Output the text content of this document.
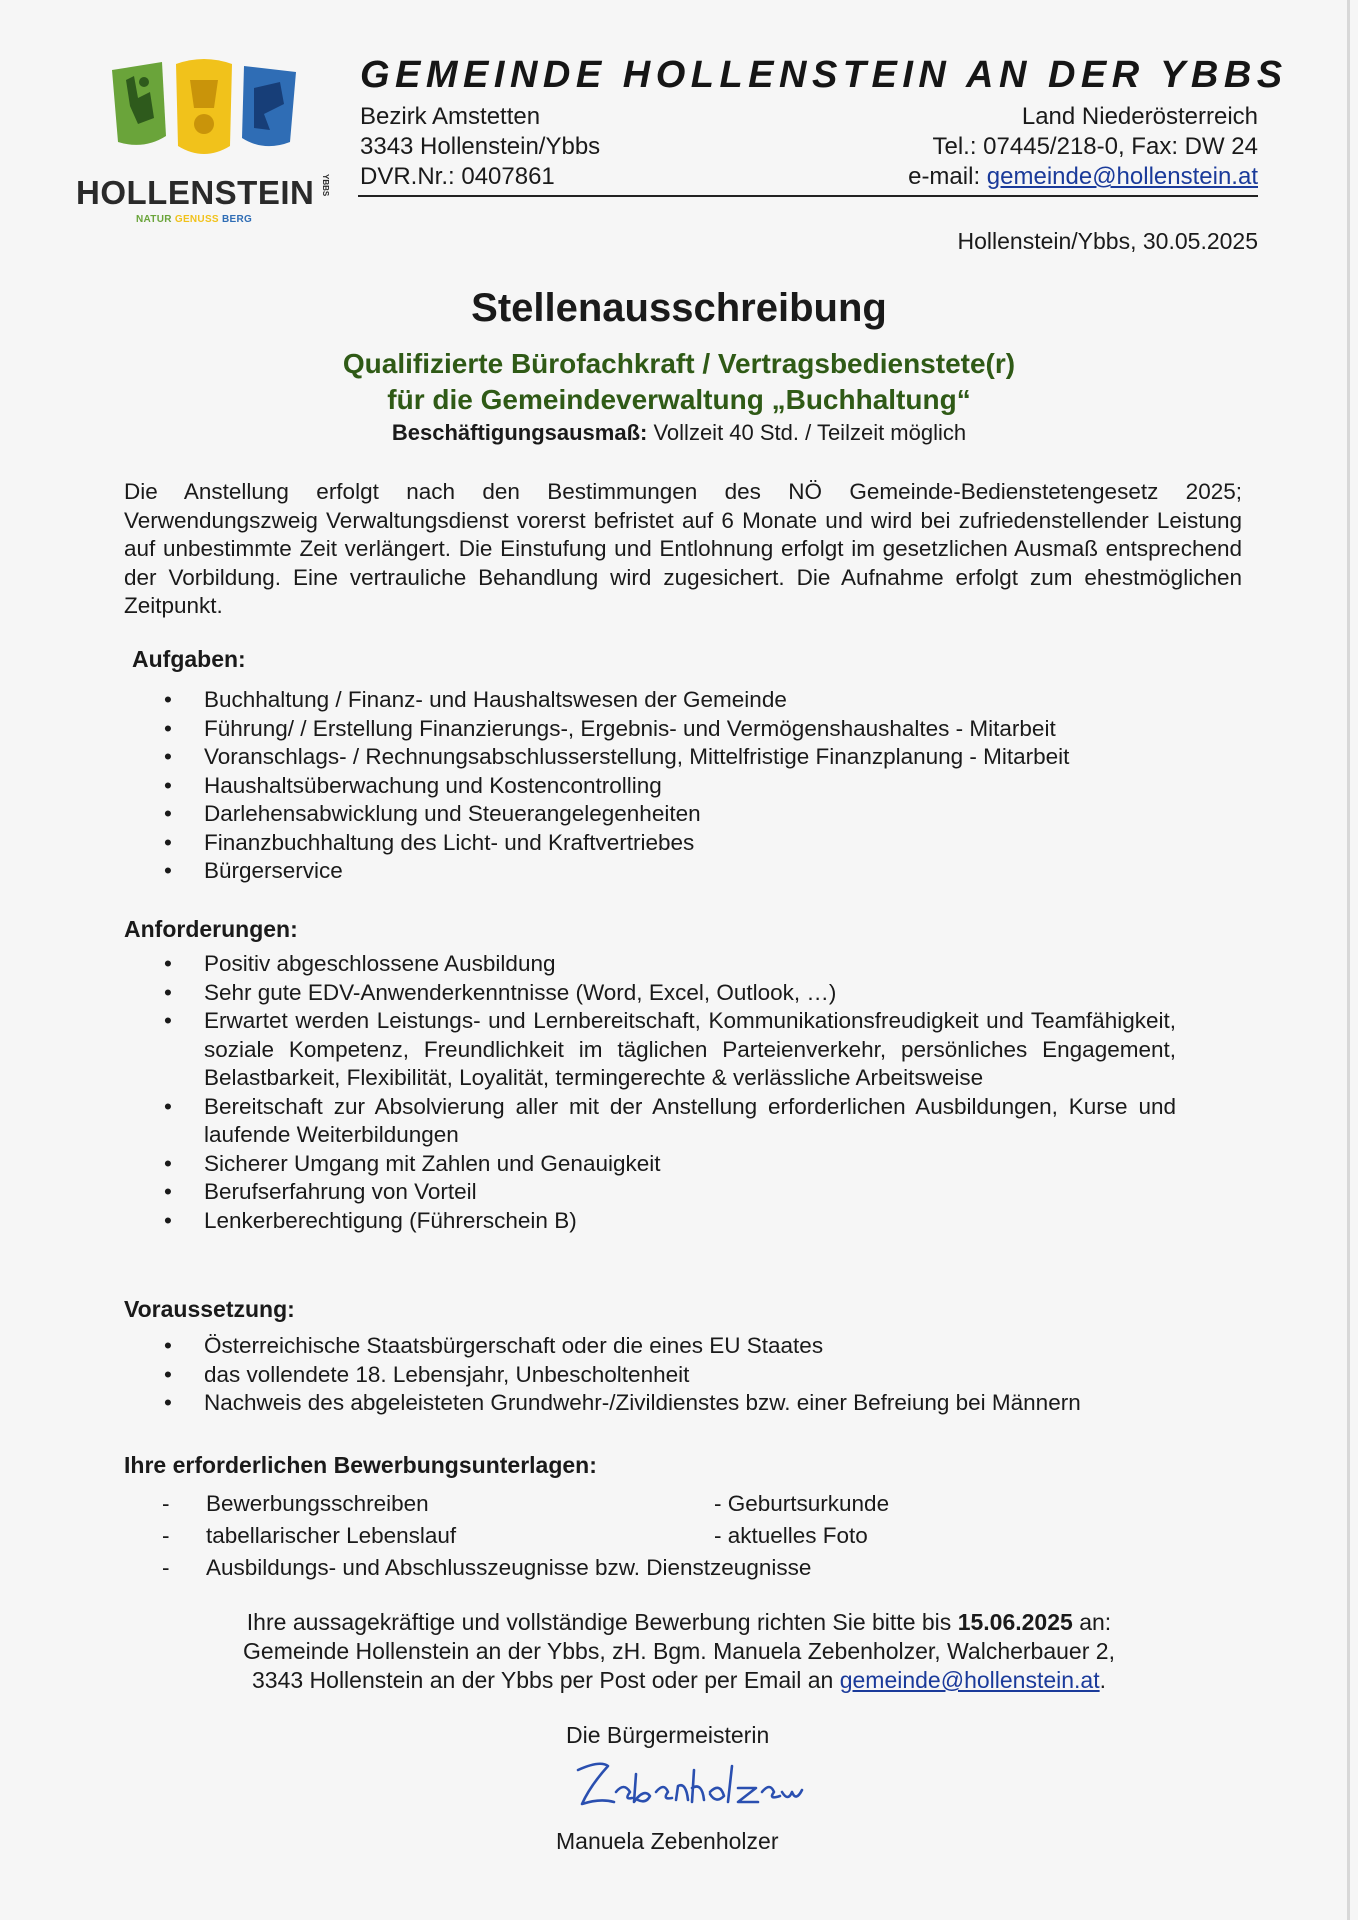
HOLLENSTEIN YBBS
NATUR GENUSS BERG
GEMEINDE HOLLENSTEIN AN DER YBBS
Bezirk Amstetten
3343 Hollenstein/Ybbs
DVR.Nr.: 0407861
Land Niederösterreich
Tel.: 07445/218-0, Fax: DW 24
e-mail: gemeinde@hollenstein.at
Hollenstein/Ybbs, 30.05.2025
Stellenausschreibung
Qualifizierte Bürofachkraft / Vertragsbedienstete(r)
für die Gemeindeverwaltung „Buchhaltung“
Beschäftigungsausmaß: Vollzeit 40 Std. / Teilzeit möglich
Die Anstellung erfolgt nach den Bestimmungen des NÖ Gemeinde-Bedienstetengesetz 2025; Verwendungszweig Verwaltungsdienst vorerst befristet auf 6 Monate und wird bei zufriedenstellender Leistung auf unbestimmte Zeit verlängert. Die Einstufung und Entlohnung erfolgt im gesetzlichen Ausmaß entsprechend der Vorbildung. Eine vertrauliche Behandlung wird zugesichert. Die Aufnahme erfolgt zum ehestmöglichen Zeitpunkt.
Aufgaben:
• Buchhaltung / Finanz- und Haushaltswesen der Gemeinde
• Führung/ / Erstellung Finanzierungs-, Ergebnis- und Vermögenshaushaltes - Mitarbeit
• Voranschlags- / Rechnungsabschlusserstellung, Mittelfristige Finanzplanung - Mitarbeit
• Haushaltsüberwachung und Kostencontrolling
• Darlehensabwicklung und Steuerangelegenheiten
• Finanzbuchhaltung des Licht- und Kraftvertriebes
• Bürgerservice
Anforderungen:
• Positiv abgeschlossene Ausbildung
• Sehr gute EDV-Anwenderkenntnisse (Word, Excel, Outlook, …)
• Erwartet werden Leistungs- und Lernbereitschaft, Kommunikationsfreudigkeit und Teamfähigkeit, soziale Kompetenz, Freundlichkeit im täglichen Parteienverkehr, persönliches Engagement, Belastbarkeit, Flexibilität, Loyalität, termingerechte & verlässliche Arbeitsweise
• Bereitschaft zur Absolvierung aller mit der Anstellung erforderlichen Ausbildungen, Kurse und laufende Weiterbildungen
• Sicherer Umgang mit Zahlen und Genauigkeit
• Berufserfahrung von Vorteil
• Lenkerberechtigung (Führerschein B)
Voraussetzung:
• Österreichische Staatsbürgerschaft oder die eines EU Staates
• das vollendete 18. Lebensjahr, Unbescholtenheit
• Nachweis des abgeleisteten Grundwehr-/Zivildienstes bzw. einer Befreiung bei Männern
Ihre erforderlichen Bewerbungsunterlagen:
- Bewerbungsschreiben	- Geburtsurkunde
- tabellarischer Lebenslauf	- aktuelles Foto
- Ausbildungs- und Abschlusszeugnisse bzw. Dienstzeugnisse
Ihre aussagekräftige und vollständige Bewerbung richten Sie bitte bis 15.06.2025 an:
Gemeinde Hollenstein an der Ybbs, zH. Bgm. Manuela Zebenholzer, Walcherbauer 2,
3343 Hollenstein an der Ybbs per Post oder per Email an gemeinde@hollenstein.at.
Die Bürgermeisterin
Manuela Zebenholzer
